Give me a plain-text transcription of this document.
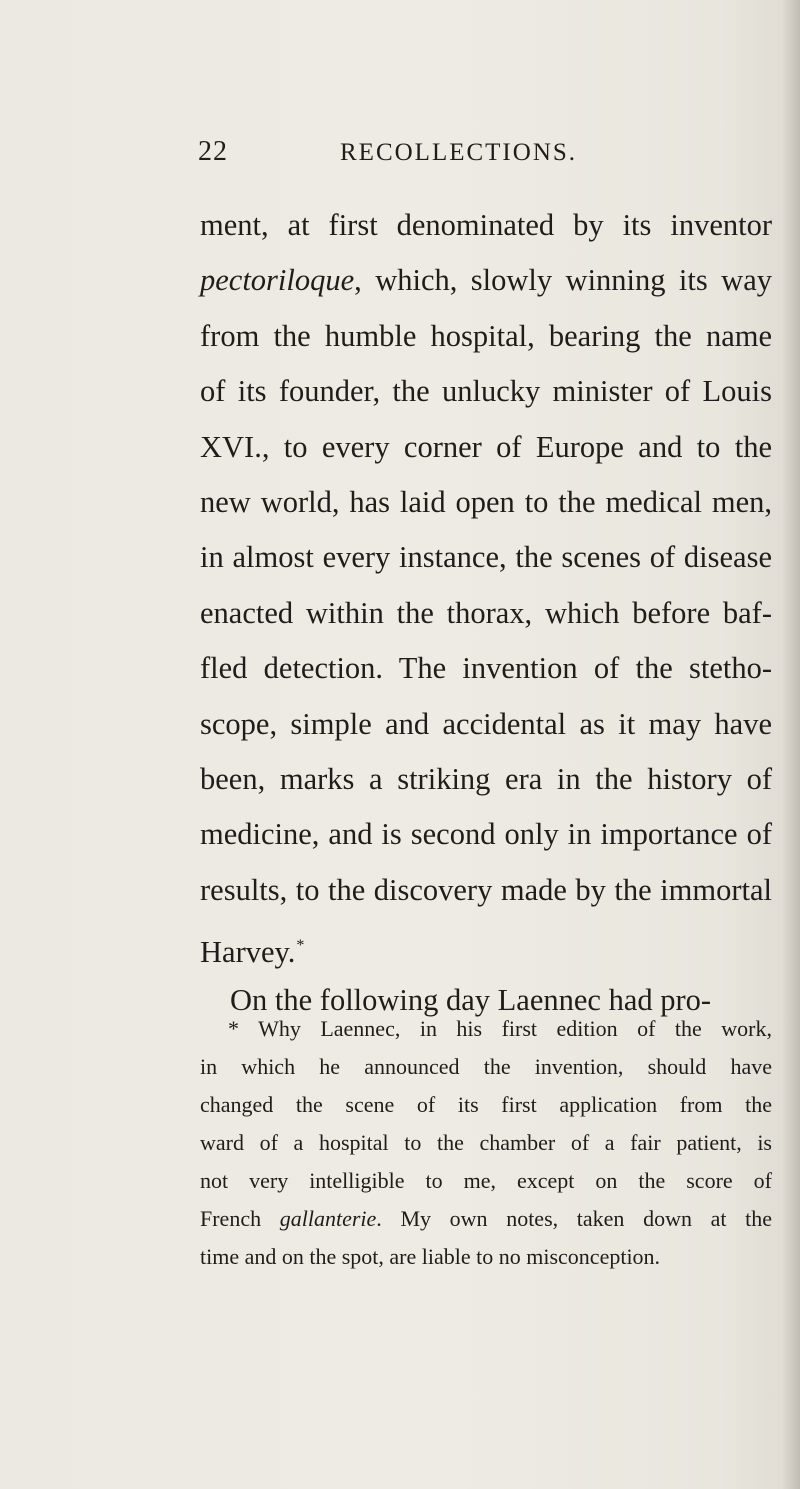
22	RECOLLECTIONS.
ment, at first denominated by its inventor
pectoriloque, which, slowly winning its way
from the humble hospital, bearing the name
of its founder, the unlucky minister of Louis
XVI., to every corner of Europe and to the
new world, has laid open to the medical men,
in almost every instance, the scenes of disease
enacted within the thorax, which before baf-
fled detection. The invention of the stetho-
scope, simple and accidental as it may have
been, marks a striking era in the history of
medicine, and is second only in importance of
results, to the discovery made by the immortal
Harvey.*
On the following day Laennec had pro-
* Why Laennec, in his first edition of the work,
in which he announced the invention, should have
changed the scene of its first application from the
ward of a hospital to the chamber of a fair patient, is
not very intelligible to me, except on the score of
French gallanterie. My own notes, taken down at the
time and on the spot, are liable to no misconception.
